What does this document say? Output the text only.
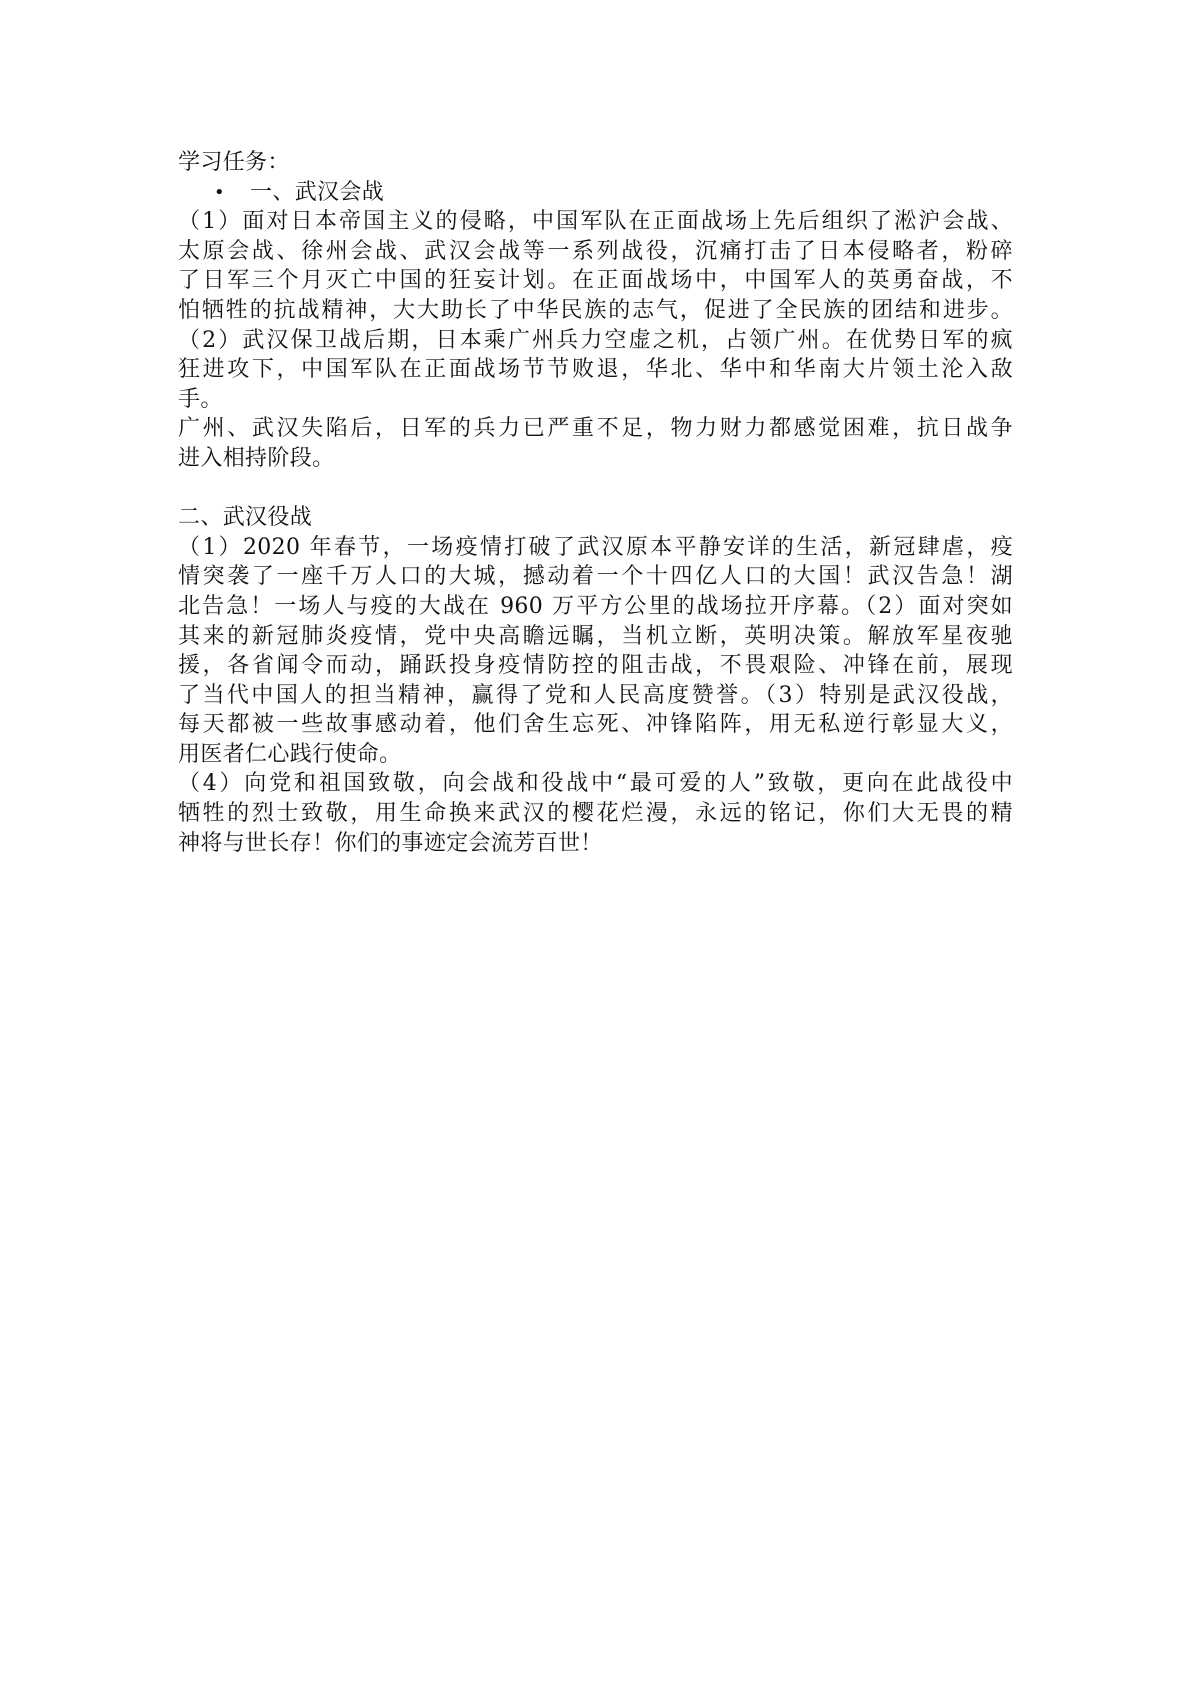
学习任务：
• 一、武汉会战
（1）面对日本帝国主义的侵略，中国军队在正面战场上先后组织了淞沪会战、
太原会战、徐州会战、武汉会战等一系列战役，沉痛打击了日本侵略者，粉碎
了日军三个月灭亡中国的狂妄计划。在正面战场中，中国军人的英勇奋战，不
怕牺牲的抗战精神，大大助长了中华民族的志气，促进了全民族的团结和进步。
（2）武汉保卫战后期，日本乘广州兵力空虚之机，占领广州。在优势日军的疯
狂进攻下，中国军队在正面战场节节败退，华北、华中和华南大片领土沦入敌
手。
广州、武汉失陷后，日军的兵力已严重不足，物力财力都感觉困难，抗日战争
进入相持阶段。
二、武汉役战
（1）2020 年春节，一场疫情打破了武汉原本平静安详的生活，新冠肆虐，疫
情突袭了一座千万人口的大城，撼动着一个十四亿人口的大国！武汉告急！湖
北告急！一场人与疫的大战在 960 万平方公里的战场拉开序幕。（2）面对突如
其来的新冠肺炎疫情，党中央高瞻远瞩，当机立断，英明决策。解放军星夜驰
援，各省闻令而动，踊跃投身疫情防控的阻击战，不畏艰险、冲锋在前，展现
了当代中国人的担当精神，赢得了党和人民高度赞誉。（3）特别是武汉役战，
每天都被一些故事感动着，他们舍生忘死、冲锋陷阵，用无私逆行彰显大义，
用医者仁心践行使命。
（4）向党和祖国致敬，向会战和役战中“最可爱的人”致敬，更向在此战役中
牺牲的烈士致敬，用生命换来武汉的樱花烂漫，永远的铭记，你们大无畏的精
神将与世长存！你们的事迹定会流芳百世！
